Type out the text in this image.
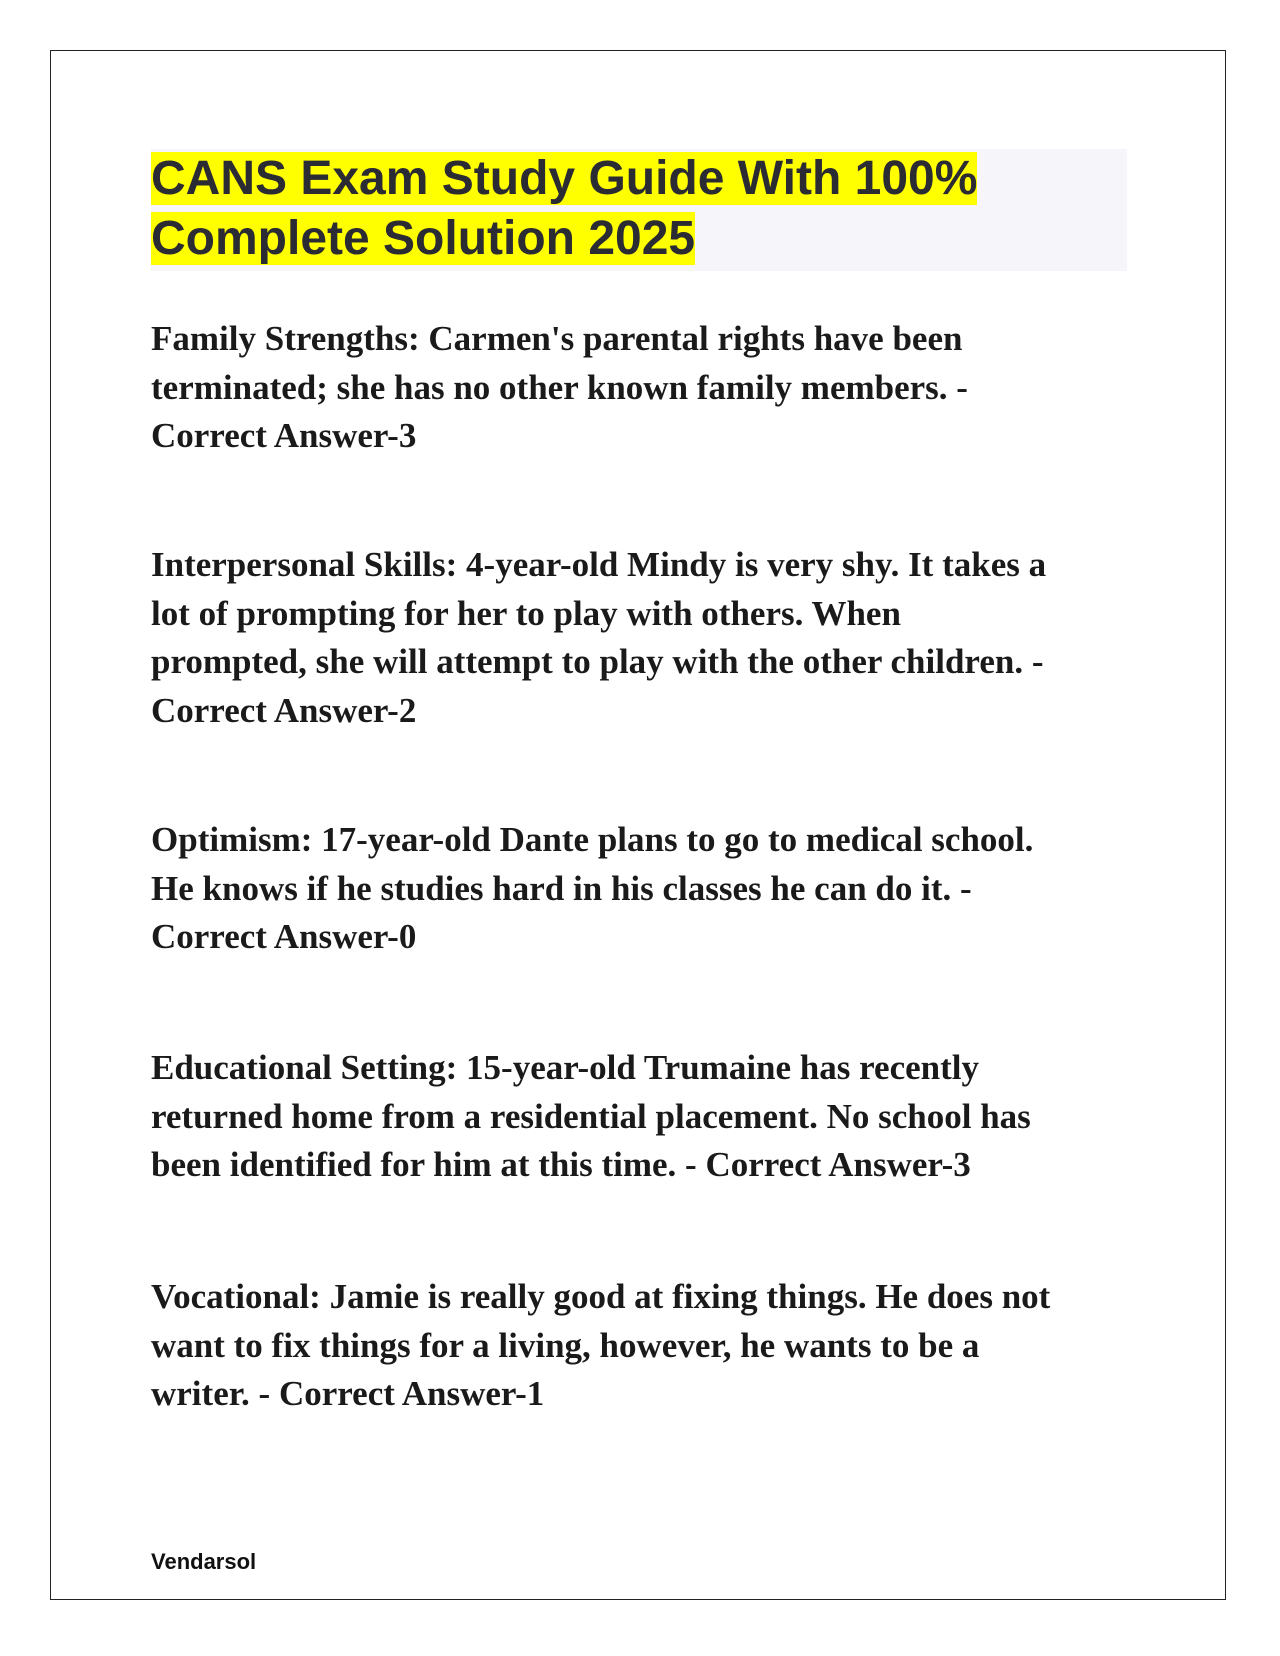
CANS Exam Study Guide With 100%
Complete Solution 2025

Family Strengths: Carmen's parental rights have been
terminated; she has no other known family members. -
Correct Answer-3

Interpersonal Skills: 4-year-old Mindy is very shy. It takes a
lot of prompting for her to play with others. When
prompted, she will attempt to play with the other children. -
Correct Answer-2

Optimism: 17-year-old Dante plans to go to medical school.
He knows if he studies hard in his classes he can do it. -
Correct Answer-0

Educational Setting: 15-year-old Trumaine has recently
returned home from a residential placement. No school has
been identified for him at this time. - Correct Answer-3

Vocational: Jamie is really good at fixing things. He does not
want to fix things for a living, however, he wants to be a
writer. - Correct Answer-1

Vendarsol
